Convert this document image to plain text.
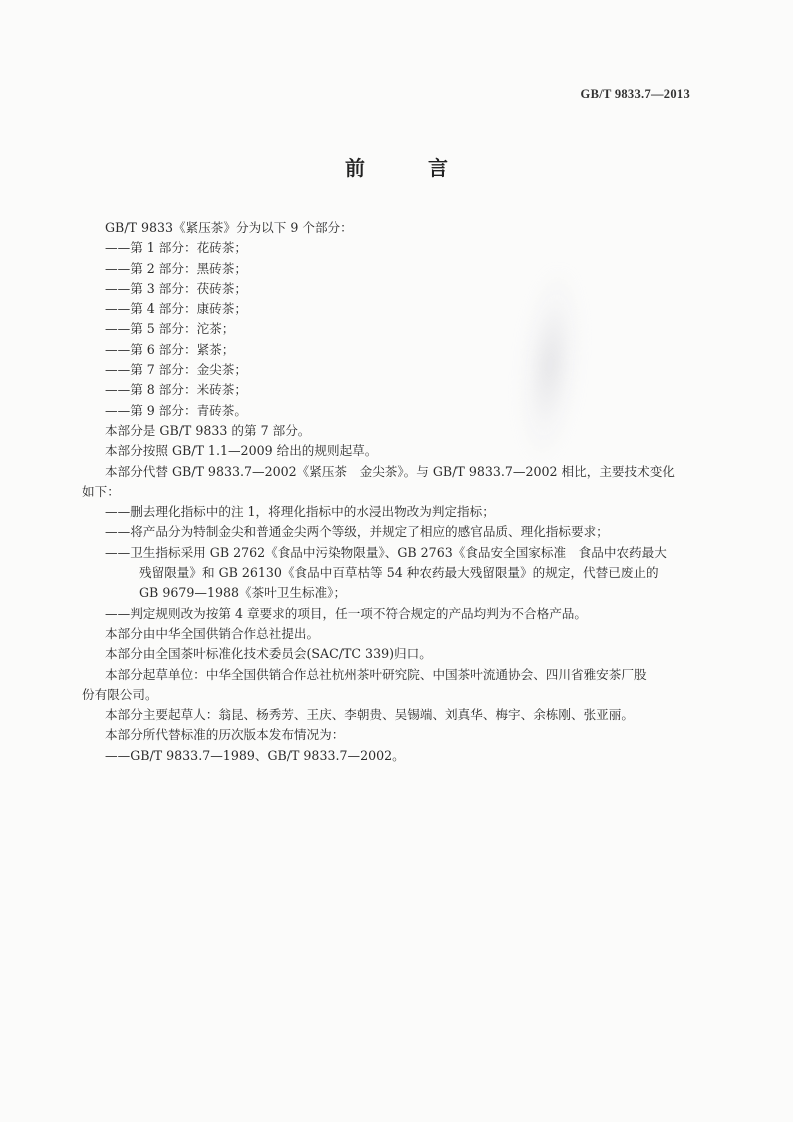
GB/T 9833.7—2013
前 言

GB/T 9833《紧压茶》分为以下 9 个部分：

——第 1 部分：花砖茶；

——第 2 部分：黑砖茶；

——第 3 部分：茯砖茶；

——第 4 部分：康砖茶；

——第 5 部分：沱茶；

——第 6 部分：紧茶；

——第 7 部分：金尖茶；

——第 8 部分：米砖茶；

——第 9 部分：青砖茶。

本部分是 GB/T 9833 的第 7 部分。

本部分按照 GB/T 1.1—2009 给出的规则起草。

本部分代替 GB/T 9833.7—2002《紧压茶　金尖茶》。与 GB/T 9833.7—2002 相比，主要技术变化

如下：

——删去理化指标中的注 1，将理化指标中的水浸出物改为判定指标；

——将产品分为特制金尖和普通金尖两个等级，并规定了相应的感官品质、理化指标要求；

——卫生指标采用 GB 2762《食品中污染物限量》、GB 2763《食品安全国家标准　食品中农药最大

残留限量》和 GB 26130《食品中百草枯等 54 种农药最大残留限量》的规定，代替已废止的

GB 9679—1988《茶叶卫生标准》；

——判定规则改为按第 4 章要求的项目，任一项不符合规定的产品均判为不合格产品。

本部分由中华全国供销合作总社提出。

本部分由全国茶叶标准化技术委员会(SAC/TC 339)归口。

本部分起草单位：中华全国供销合作总社杭州茶叶研究院、中国茶叶流通协会、四川省雅安茶厂股

份有限公司。

本部分主要起草人：翁昆、杨秀芳、王庆、李朝贵、吴锡端、刘真华、梅宇、余栋刚、张亚丽。

本部分所代替标准的历次版本发布情况为：

——GB/T 9833.7—1989、GB/T 9833.7—2002。
